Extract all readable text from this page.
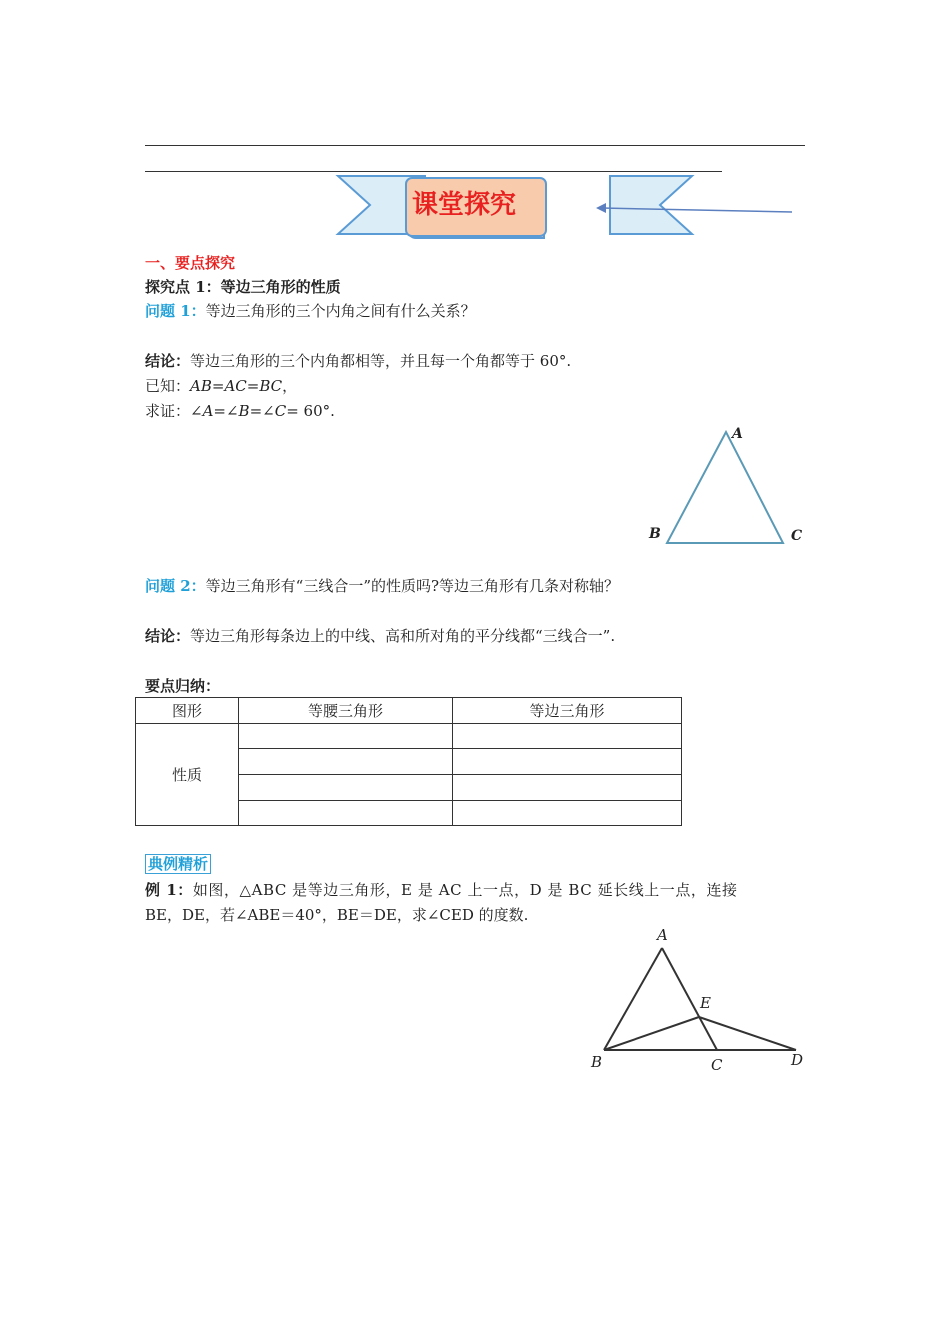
课堂探究
一、要点探究
探究点 1：等边三角形的性质
问题 1：等边三角形的三个内角之间有什么关系？
结论：等边三角形的三个内角都相等，并且每一个角都等于 60°.
已知：AB=AC=BC，
求证：∠A=∠B=∠C= 60°.
A
B	C
问题 2：等边三角形有“三线合一”的性质吗?等边三角形有几条对称轴？
结论：等边三角形每条边上的中线、高和所对角的平分线都“三线合一”.
要点归纳：
图形	等腰三角形	等边三角形
性质		

典例精析
例 1：如图，△ABC 是等边三角形，E 是 AC 上一点，D 是 BC 延长线上一点，连接
BE，DE，若∠ABE＝40°，BE＝DE，求∠CED 的度数.
A
B	C	D
E
